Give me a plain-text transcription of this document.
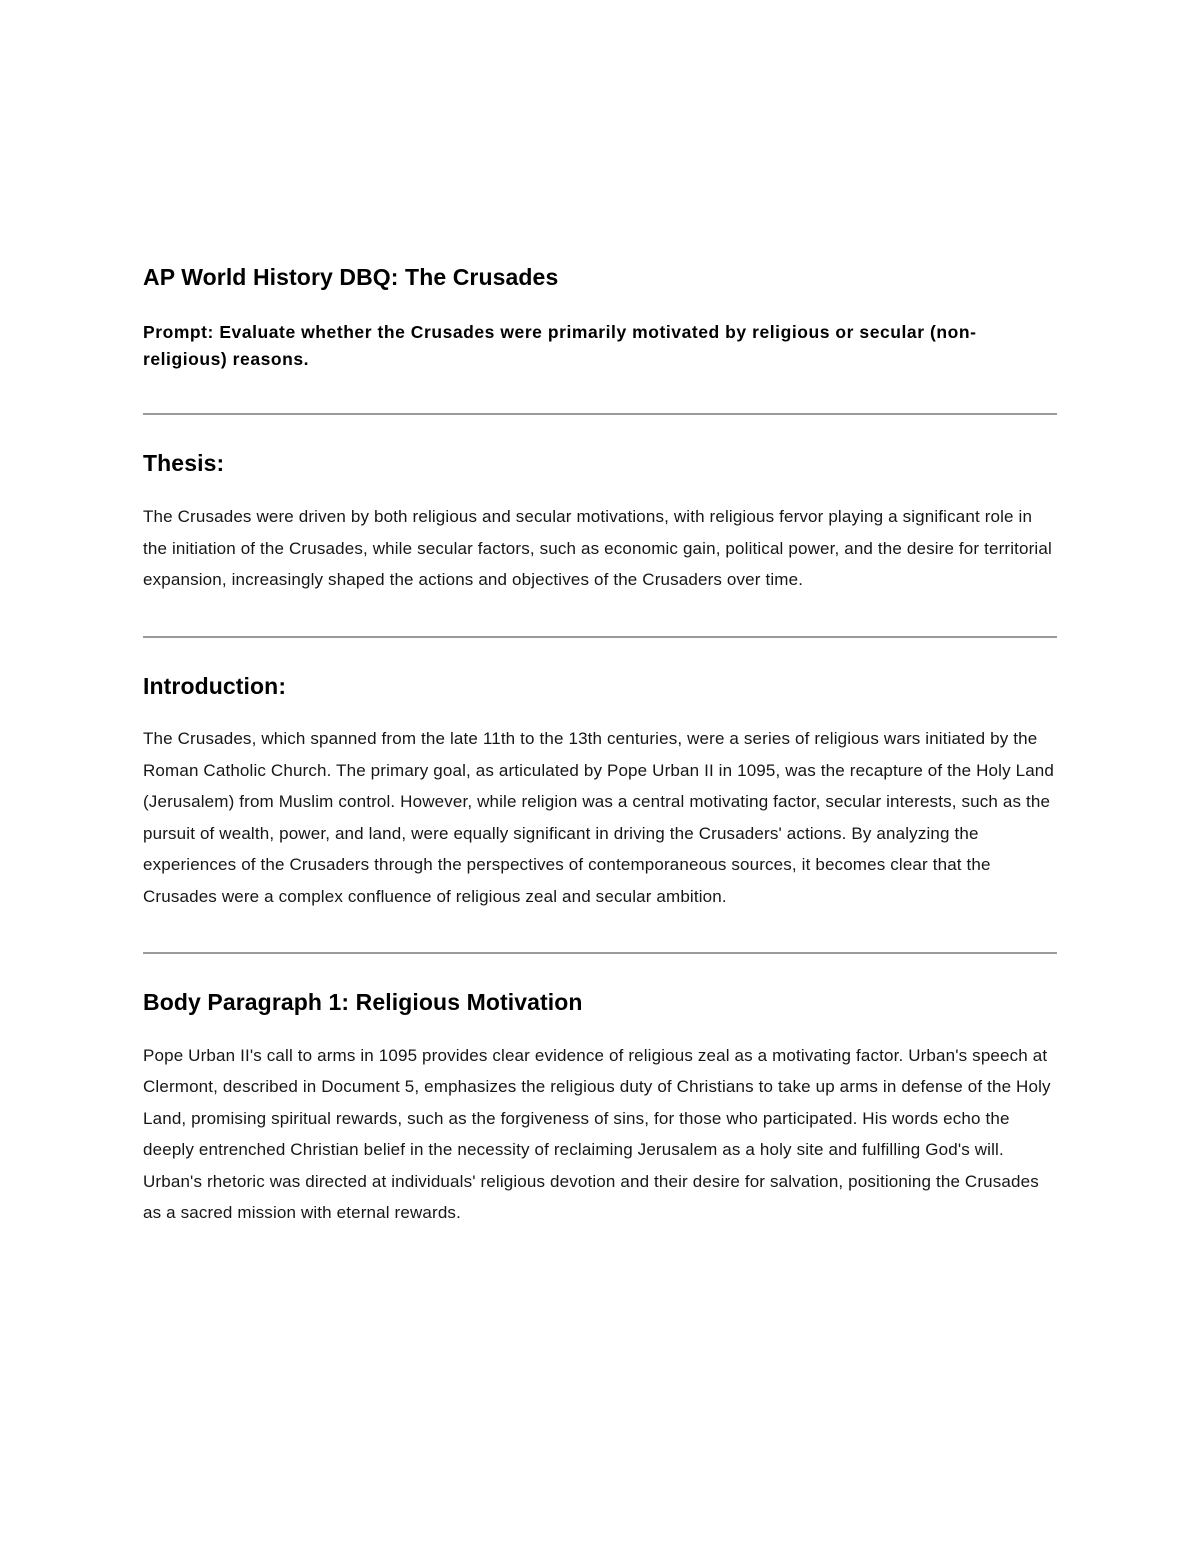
AP World History DBQ: The Crusades

Prompt: Evaluate whether the Crusades were primarily motivated by religious or secular (non-religious) reasons.

Thesis:

The Crusades were driven by both religious and secular motivations, with religious fervor playing a significant role in the initiation of the Crusades, while secular factors, such as economic gain, political power, and the desire for territorial expansion, increasingly shaped the actions and objectives of the Crusaders over time.

Introduction:

The Crusades, which spanned from the late 11th to the 13th centuries, were a series of religious wars initiated by the Roman Catholic Church. The primary goal, as articulated by Pope Urban II in 1095, was the recapture of the Holy Land (Jerusalem) from Muslim control. However, while religion was a central motivating factor, secular interests, such as the pursuit of wealth, power, and land, were equally significant in driving the Crusaders' actions. By analyzing the experiences of the Crusaders through the perspectives of contemporaneous sources, it becomes clear that the Crusades were a complex confluence of religious zeal and secular ambition.

Body Paragraph 1: Religious Motivation

Pope Urban II's call to arms in 1095 provides clear evidence of religious zeal as a motivating factor. Urban's speech at Clermont, described in Document 5, emphasizes the religious duty of Christians to take up arms in defense of the Holy Land, promising spiritual rewards, such as the forgiveness of sins, for those who participated. His words echo the deeply entrenched Christian belief in the necessity of reclaiming Jerusalem as a holy site and fulfilling God's will. Urban's rhetoric was directed at individuals' religious devotion and their desire for salvation, positioning the Crusades as a sacred mission with eternal rewards.
